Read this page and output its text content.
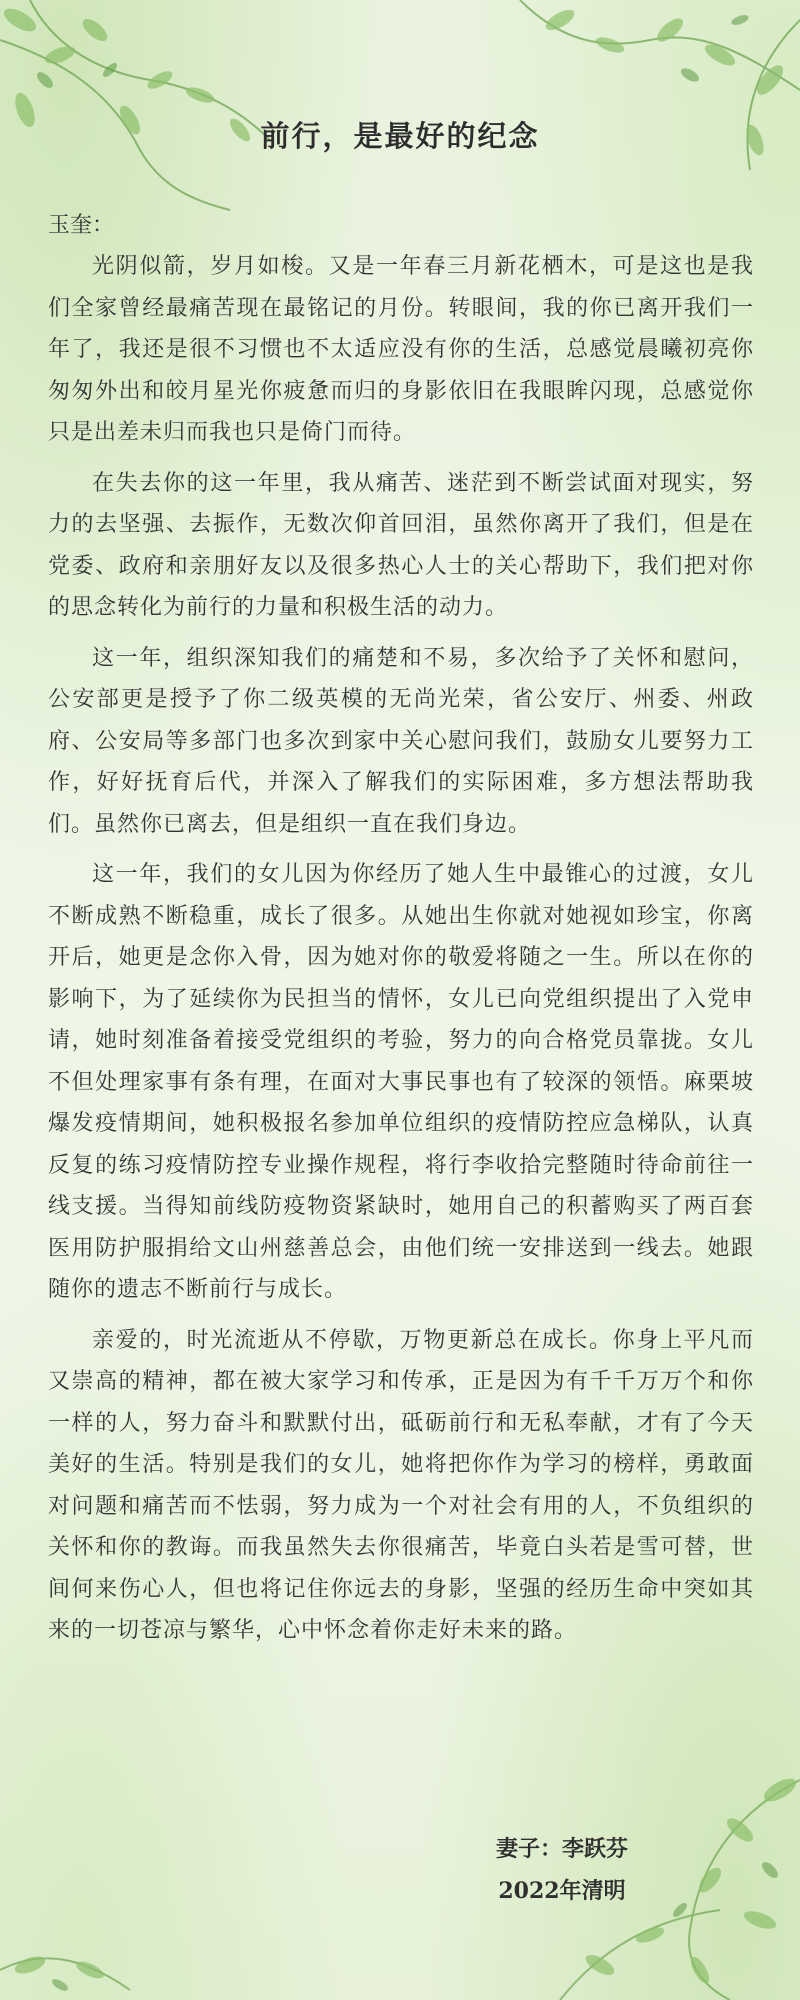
前行，是最好的纪念
玉奎：

光阴似箭，岁月如梭。又是一年春三月新花栖木，可是这也是我们全家曾经最痛苦现在最铭记的月份。转眼间，我的你已离开我们一年了，我还是很不习惯也不太适应没有你的生活，总感觉晨曦初亮你匆匆外出和皎月星光你疲惫而归的身影依旧在我眼眸闪现，总感觉你只是出差未归而我也只是倚门而待。

在失去你的这一年里，我从痛苦、迷茫到不断尝试面对现实，努力的去坚强、去振作，无数次仰首回泪，虽然你离开了我们，但是在党委、政府和亲朋好友以及很多热心人士的关心帮助下，我们把对你的思念转化为前行的力量和积极生活的动力。

这一年，组织深知我们的痛楚和不易，多次给予了关怀和慰问，公安部更是授予了你二级英模的无尚光荣，省公安厅、州委、州政府、公安局等多部门也多次到家中关心慰问我们，鼓励女儿要努力工作，好好抚育后代，并深入了解我们的实际困难，多方想法帮助我们。虽然你已离去，但是组织一直在我们身边。

这一年，我们的女儿因为你经历了她人生中最锥心的过渡，女儿不断成熟不断稳重，成长了很多。从她出生你就对她视如珍宝，你离开后，她更是念你入骨，因为她对你的敬爱将随之一生。所以在你的影响下，为了延续你为民担当的情怀，女儿已向党组织提出了入党申请，她时刻准备着接受党组织的考验，努力的向合格党员靠拢。女儿不但处理家事有条有理，在面对大事民事也有了较深的领悟。麻栗坡爆发疫情期间，她积极报名参加单位组织的疫情防控应急梯队，认真反复的练习疫情防控专业操作规程，将行李收拾完整随时待命前往一线支援。当得知前线防疫物资紧缺时，她用自己的积蓄购买了两百套医用防护服捐给文山州慈善总会，由他们统一安排送到一线去。她跟随你的遗志不断前行与成长。

亲爱的，时光流逝从不停歇，万物更新总在成长。你身上平凡而又崇高的精神，都在被大家学习和传承，正是因为有千千万万个和你一样的人，努力奋斗和默默付出，砥砺前行和无私奉献，才有了今天美好的生活。特别是我们的女儿，她将把你作为学习的榜样，勇敢面对问题和痛苦而不怯弱，努力成为一个对社会有用的人，不负组织的关怀和你的教诲。而我虽然失去你很痛苦，毕竟白头若是雪可替，世间何来伤心人，但也将记住你远去的身影，坚强的经历生命中突如其来的一切苍凉与繁华，心中怀念着你走好未来的路。

妻子：李跃芬
2022年清明
